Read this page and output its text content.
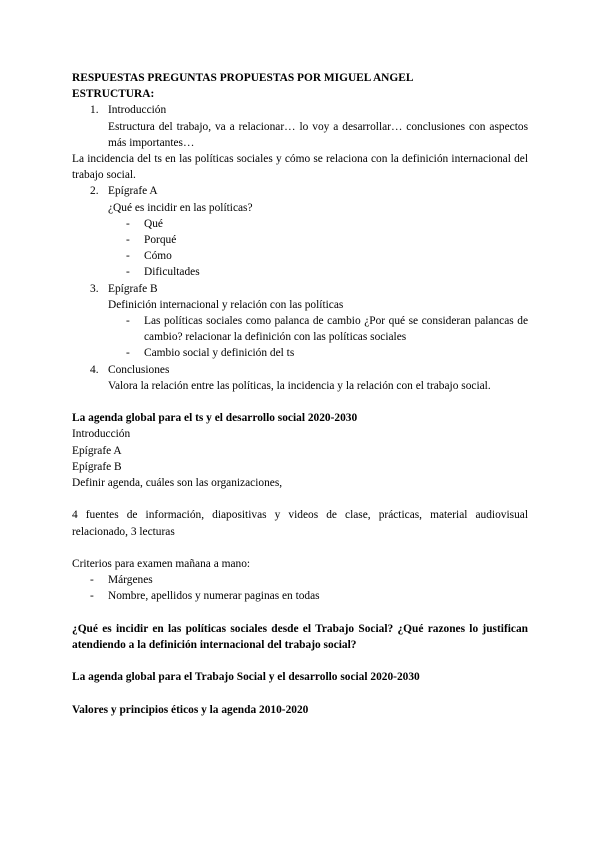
RESPUESTAS PREGUNTAS PROPUESTAS POR MIGUEL ANGEL
ESTRUCTURA:
1. Introducción
Estructura del trabajo, va a relacionar… lo voy a desarrollar… conclusiones con aspectos más importantes…
La incidencia del ts en las políticas sociales y cómo se relaciona con la definición internacional del trabajo social.
2. Epígrafe A
¿Qué es incidir en las políticas?
- Qué
- Porqué
- Cómo
- Dificultades
3. Epígrafe B
Definición internacional y relación con las políticas
- Las políticas sociales como palanca de cambio ¿Por qué se consideran palancas de cambio? relacionar la definición con las políticas sociales
- Cambio social y definición del ts
4. Conclusiones
Valora la relación entre las políticas, la incidencia y la relación con el trabajo social.
La agenda global para el ts y el desarrollo social 2020-2030
Introducción
Epígrafe A
Epígrafe B
Definir agenda, cuáles son las organizaciones,
4 fuentes de información, diapositivas y videos de clase, prácticas, material audiovisual relacionado, 3 lecturas
Criterios para examen mañana a mano:
- Márgenes
- Nombre, apellidos y numerar paginas en todas
¿Qué es incidir en las políticas sociales desde el Trabajo Social? ¿Qué razones lo justifican atendiendo a la definición internacional del trabajo social?
La agenda global para el Trabajo Social y el desarrollo social 2020-2030
Valores y principios éticos y la agenda 2010-2020
